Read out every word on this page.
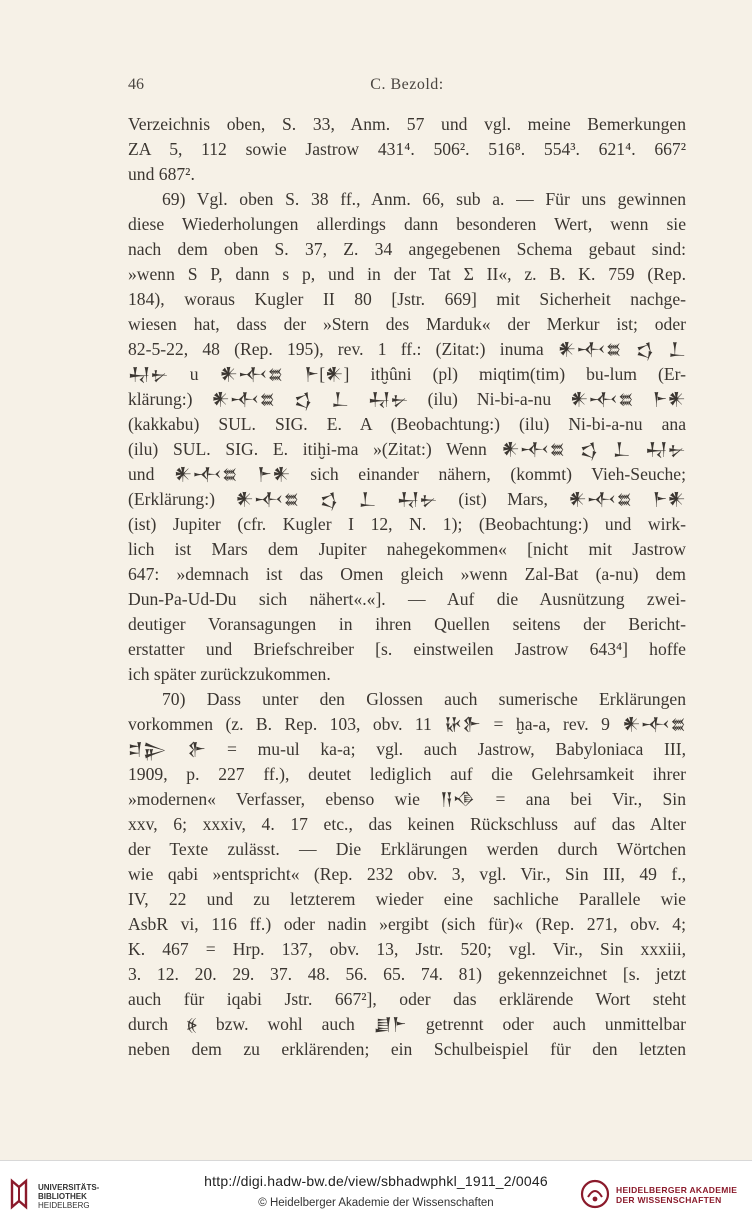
46	C. Bezold:
Verzeichnis oben, S. 33, Anm. 57 und vgl. meine Bemerkungen
ZA 5, 112 sowie Jastrow 431⁴. 506². 516⁸. 554³. 621⁴. 667²
und 687².
69) Vgl. oben S. 38 ff., Anm. 66, sub a. — Für uns gewinnen
diese Wiederholungen allerdings dann besonderen Wert, wenn sie
nach dem oben S. 37, Z. 34 angegebenen Schema gebaut sind:
»wenn S P, dann s p, und in der Tat Σ II«, z. B. K. 759 (Rep.
184), woraus Kugler II 80 [Jstr. 669] mit Sicherheit nachge-
wiesen hat, dass der »Stern des Marduk« der Merkur ist; oder
82-5-22, 48 (Rep. 195), rev. 1 ff.: (Zitat:) inuma 𒀭𒋾𒊺 𒌓 𒁇
𒄷𒉡 u 𒀭𒋾𒊺 𒈨[𒀭] itḫûni (pl) miqtim(tim) bu-lum (Er-
klärung:) 𒀭𒋾𒊺 𒌓 𒁇 𒄷𒉡 (ilu) Ni-bi-a-nu 𒀭𒋾𒊺 𒈨𒀭
(kakkabu) SUL. SIG. E. A (Beobachtung:) (ilu) Ni-bi-a-nu ana
(ilu) SUL. SIG. E. itiḫi-ma »(Zitat:) Wenn 𒀭𒋾𒊺 𒌓 𒁇 𒄷𒉡
und 𒀭𒋾𒊺 𒈨𒀭 sich einander nähern, (kommt) Vieh-Seuche;
(Erklärung:) 𒀭𒋾𒊺 𒌓 𒁇 𒄷𒉡 (ist) Mars, 𒀭𒋾𒊺 𒈨𒀭
(ist) Jupiter (cfr. Kugler I 12, N. 1); (Beobachtung:) und wirk-
lich ist Mars dem Jupiter nahegekommen« [nicht mit Jastrow
647: »demnach ist das Omen gleich »wenn Zal-Bat (a-nu) dem
Dun-Pa-Ud-Du sich nähert«.«]. — Auf die Ausnützung zwei-
deutiger Voransagungen in ihren Quellen seitens der Bericht-
erstatter und Briefschreiber [s. einstweilen Jastrow 643⁴] hoffe
ich später zurückzukommen.
70) Dass unter den Glossen auch sumerische Erklärungen
vorkommen (z. B. Rep. 103, obv. 11 𒄩𒉿 = ḫa-a, rev. 9 𒀭𒋾𒊺
𒄑𒉌 𒉿 = mu-ul ka-a; vgl. auch Jastrow, Babyloniaca III,
1909, p. 227 ff.), deutet lediglich auf die Gelehrsamkeit ihrer
»modernen« Verfasser, ebenso wie 𒀀𒈾 = ana bei Vir., Sin
xxv, 6; xxxiv, 4. 17 etc., das keinen Rückschluss auf das Alter
der Texte zulässt. — Die Erklärungen werden durch Wörtchen
wie qabi »entspricht« (Rep. 232 obv. 3, vgl. Vir., Sin III, 49 f.,
IV, 22 und zu letzterem wieder eine sachliche Parallele wie
AsbR vi, 116 ff.) oder nadin »ergibt (sich für)« (Rep. 271, obv. 4;
K. 467 = Hrp. 137, obv. 13, Jstr. 520; vgl. Vir., Sin xxxiii,
3. 12. 20. 29. 37. 48. 56. 65. 74. 81) gekennzeichnet [s. jetzt
auch für iqabi Jstr. 667²], oder das erklärende Wort steht
durch ⦕ bzw. wohl auch 𒋗𒈨 getrennt oder auch unmittelbar
neben dem zu erklärenden; ein Schulbeispiel für den letzten
UNIVERSITÄTS-
BIBLIOTHEK
HEIDELBERG
http://digi.hadw-bw.de/view/sbhadwphkl_1911_2/0046
© Heidelberger Akademie der Wissenschaften
HEIDELBERGER AKADEMIE
DER WISSENSCHAFTEN
